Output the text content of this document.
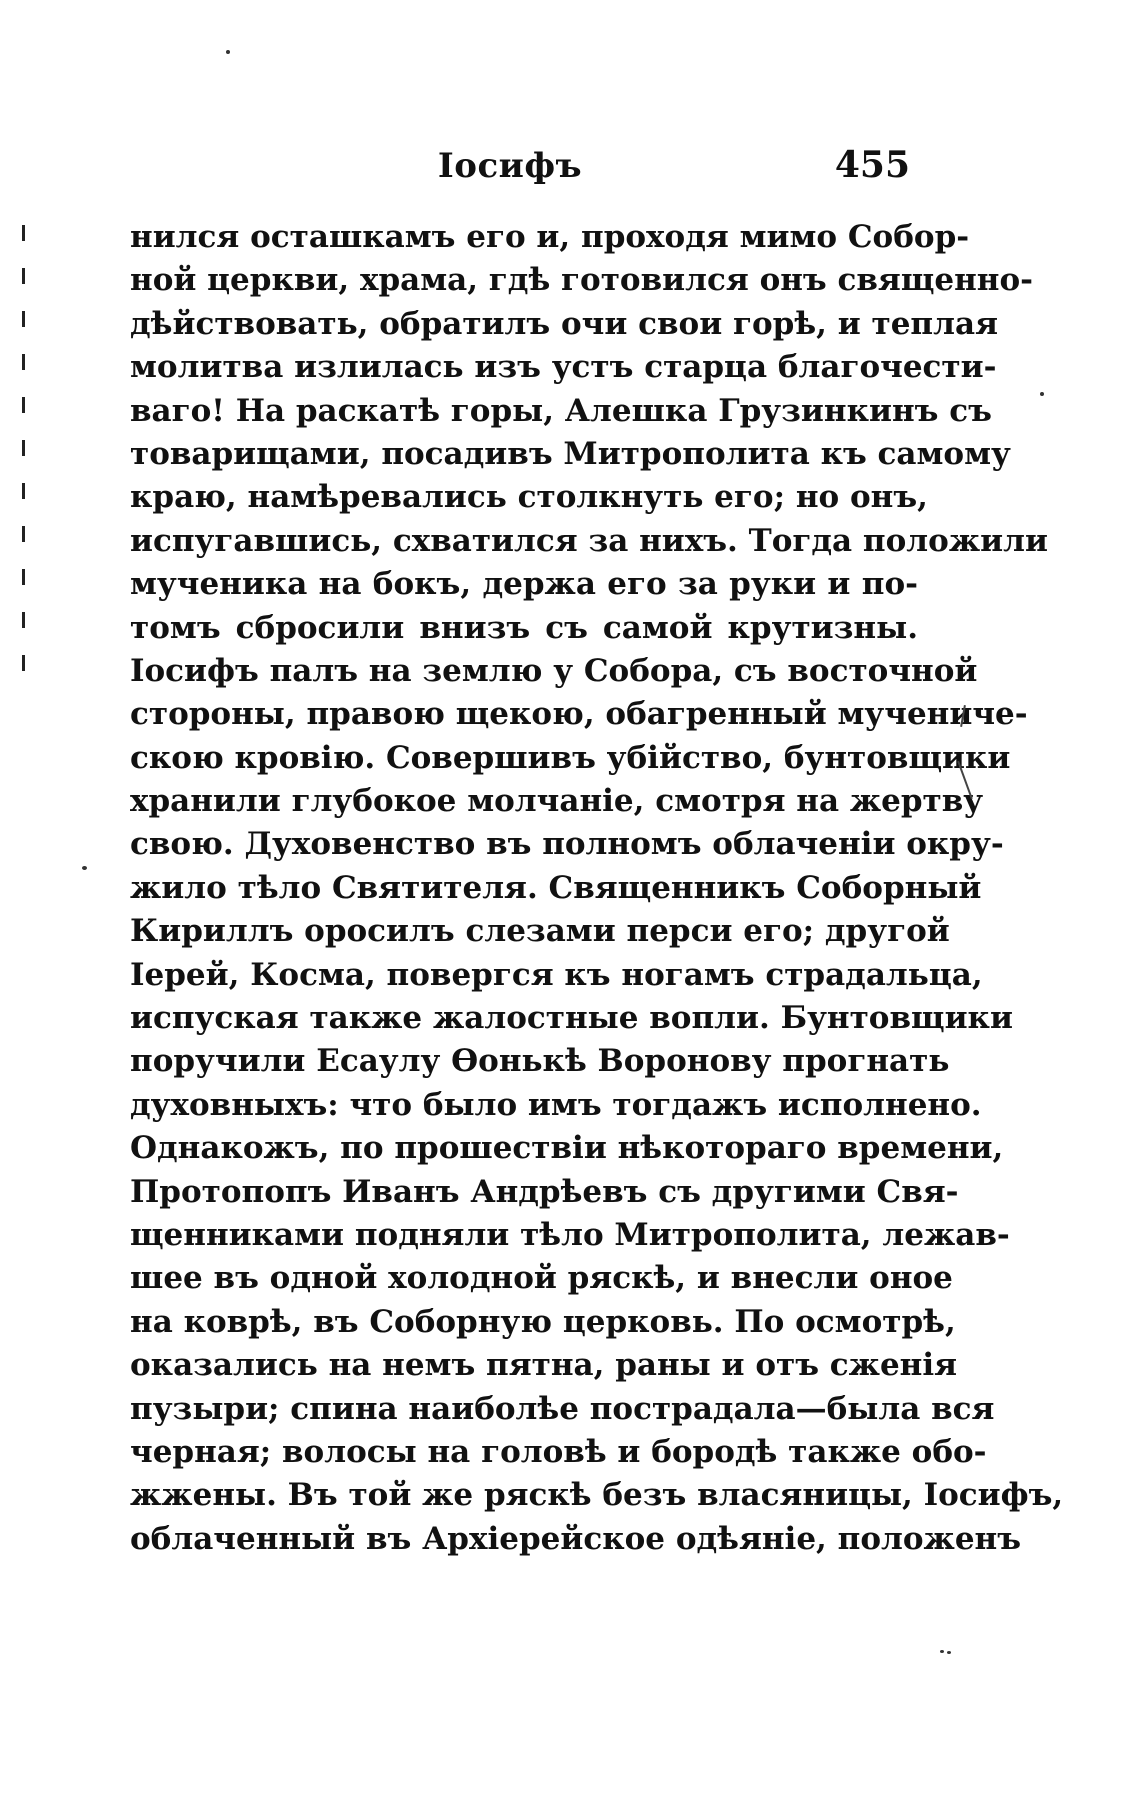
Іосифъ	455
нился осташкамъ его и, проходя мимо Собор-
ной церкви, храма, гдѣ готовился онъ священно-
дѣйствовать, обратилъ очи свои горѣ, и теплая
молитва излилась изъ устъ старца благочести-
ваго! На раскатѣ горы, Алешка Грузинкинъ съ
товарищами, посадивъ Митрополита къ самому
краю, намѣревались столкнуть его; но онъ,
испугавшись, схватился за нихъ. Тогда положили
мученика на бокъ, держа его за руки и по-
томъ сбросили внизъ съ самой крутизны.
Іосифъ палъ на землю у Собора, съ восточной
стороны, правою щекою, обагренный мучениче-
скою кровію. Совершивъ убійство, бунтовщики
хранили глубокое молчаніе, смотря на жертву
свою. Духовенство въ полномъ облаченіи окру-
жило тѣло Святителя. Священникъ Соборный
Кириллъ оросилъ слезами перси его; другой
Іерей, Косма, повергся къ ногамъ страдальца,
испуская также жалостные вопли. Бунтовщики
поручили Есаулу Ѳонькѣ Воронову прогнать
духовныхъ: что было имъ тогдажъ исполнено.
Однакожъ, по прошествіи нѣкотораго времени,
Протопопъ Иванъ Андрѣевъ съ другими Свя-
щенниками подняли тѣло Митрополита, лежав-
шее въ одной холодной ряскѣ, и внесли оное
на коврѣ, въ Соборную церковь. По осмотрѣ,
оказались на немъ пятна, раны и отъ сженія
пузыри; спина наиболѣе пострадала—была вся
черная; волосы на головѣ и бородѣ также обо-
жжены. Въ той же ряскѣ безъ власяницы, Іосифъ,
облаченный въ Архіерейское одѣяніе, положенъ
